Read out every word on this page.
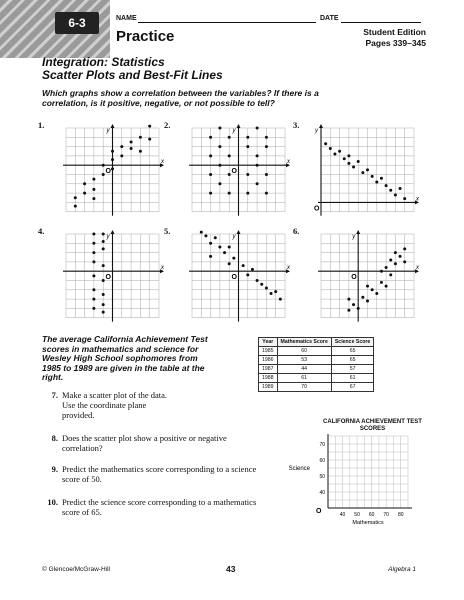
6-3	NAME	DATE
Practice	Student Edition
Pages 339–345
Integration: Statistics
Scatter Plots and Best-Fit Lines
Which graphs show a correlation between the variables? If there is a correlation, is it positive, negative, or not possible to tell?
1.
x
y
O
2.
x
y
O
3.
x
y
O
4.
x
y
O
5.
x
y
O
6.
x
y
O
The average California Achievement Test scores in mathematics and science for Wesley High School sophomores from 1985 to 1989 are given in the table at the right.
Year	Mathematics Score	Science Score
1985	60	65
1986	53	65
1987	44	57
1988	61	61
1989	70	67
7. Make a scatter plot of the data. Use the coordinate plane provided.
8. Does the scatter plot show a positive or negative correlation?
9. Predict the mathematics score corresponding to a science score of 50.
10. Predict the science score corresponding to a mathematics score of 65.
CALIFORNIA ACHIEVEMENT TEST SCORES
40 50 60 70 80
40
50
60
70
O
Mathematics
Science
© Glencoe/McGraw-Hill	43	Algebra 1
